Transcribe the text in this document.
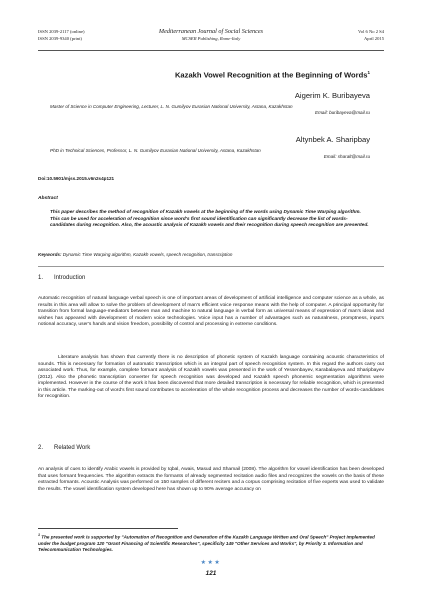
ISSN 2039-2117 (online)
ISSN 2039-9340 (print)
Mediterranean Journal of Social Sciences
MCSER Publishing, Rome-Italy
Vol 6 No 2 S4
April 2015
Kazakh Vowel Recognition at the Beginning of Words$^1$
Aigerim K. Buribayeva
Master of Science in Computer Engineering, Lecturer, L. N. Gumilyov Eurasian National University, Astana, Kazakhstan
Email: buribayeva@mail.ru
Altynbek A. Sharipbay
PhD in Technical Sciences, Professor, L. N. Gumilyov Eurasian National University, Astana, Kazakhstan
Email: sharalt@mail.ru
Doi:10.5901/mjss.2015.v6n2s4p121
Abstract
This paper describes the method of recognition of Kazakh vowels at the beginning of the words using Dynamic Time Warping algorithm. This can be used for acceleration of recognition since word's first sound identification can significantly decrease the list of words-candidates during recognition. Also, the acoustic analysis of Kazakh vowels and their recognition during speech recognition are presented.
Keywords: Dynamic Time Warping algorithm, Kazakh vowels, speech recognition, transcription
1. Introduction
Automatic recognition of natural language verbal speech is one of important areas of development of artificial intelligence and computer science as a whole, as results in this area will allow to solve the problem of development of man's efficient voice response means with the help of computer. A principal opportunity for transition from formal language-mediators between man and machine to natural language in verbal form as universal means of expression of man's ideas and wishes has appeared with development of modern voice technologies. Voice input has a number of advantages such as naturalness, promptness, input's notional accuracy, user's hands and vision freedom, possibility of control and processing in extreme conditions.
Literature analysis has shown that currently there is no description of phonetic system of Kazakh language containing acoustic characteristics of sounds. This is necessary for formation of automatic transcription which is an integral part of speech recognition system. In this regard the authors carry out associated work. Thus, for example, complete formant analysis of Kazakh vowels was presented in the work of Yessenbayev, Karabalayeva and Sharipbayev (2012). Also the phonetic transcription converter for speech recognition was developed and Kazakh speech phonemic segmentation algorithms were implemented. However in the course of the work it has been discovered that more detailed transcription is necessary for reliable recognition, which is presented in this article. The marking-out of word's first sound contributes to acceleration of the whole recognition process and decreases the number of words-candidates for recognition.
2. Related Work
An analysis of cues to identify Arabic vowels is provided by Iqbal, Awais, Masud and Shamail (2008). The algorithm for vowel identification has been developed that uses formant frequencies. The algorithm extracts the formants of already segmented recitation audio files and recognizes the vowels on the basis of these extracted formants. Acoustic Analysis was performed on 150 samples of different reciters and a corpus comprising recitation of five experts was used to validate the results. The vowel identification system developed here has shown up to 90% average accuracy on
$^1$ The presented work is supported by "Automation of Recognition and Generation of the Kazakh Language Written and Oral Speech" Project implemented under the budget program 120 "Grant Financing of Scientific Researches", specificity 149 "Other Services and Works", by Priority 3. Information and Telecommunication Technologies.
★★★
121
